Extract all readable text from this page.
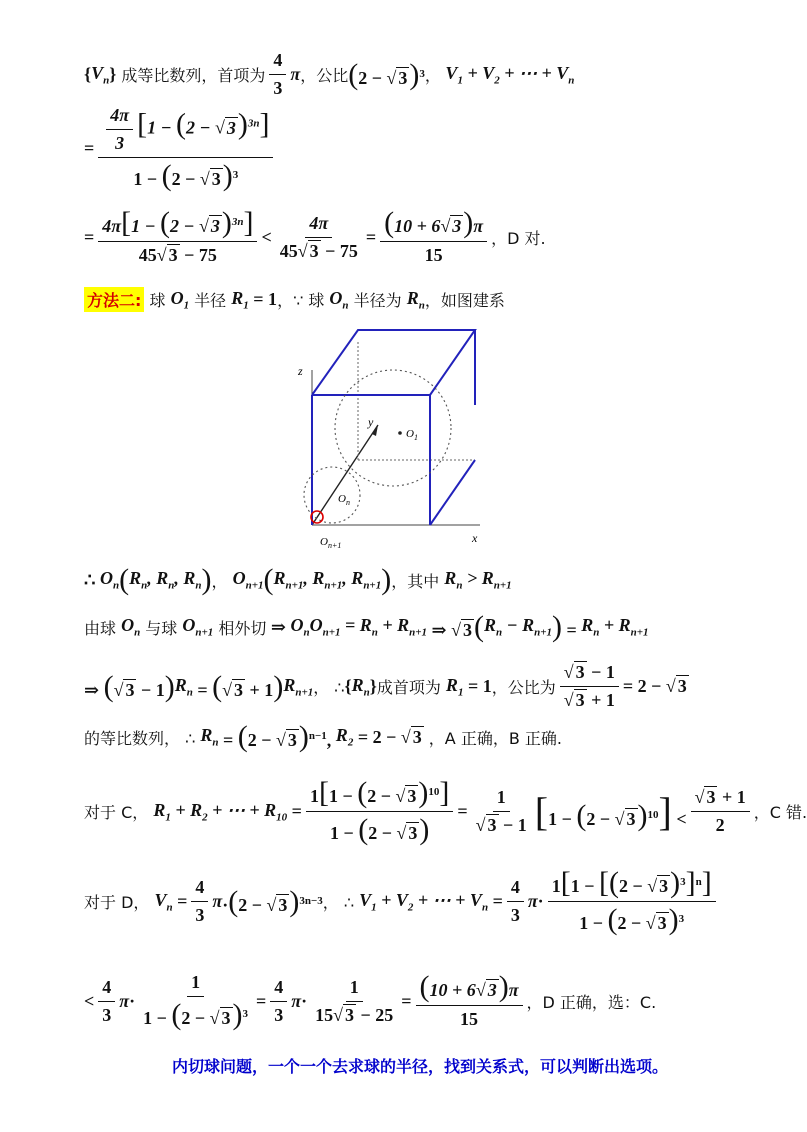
{ $V_n$ } 成等比数列，首项为 $\frac{4}{3}$ π ，公比 (2 − √ 3)$^3$ ， $V_1 + V_2$ + ⋯ + $V_n$
= $\frac{\frac{4\pi}{3} [1 - (2 - √ 3)^{3n}]}{1 - (2 - √ 3)^3}$
= $\frac{4\pi[1 - (2 - √ 3)^{3n}]}{45√ 3 - 75} < \frac{4\pi}{45√ 3 - 75} = \frac{(10 + 6√ 3)\pi}{15}$ ，D 对.
方法二: 球 $O_1$ 半径 $R_1 = 1$ ，∵ 球 $O_n$ 半径为 $R_n$ ，如图建系
z
y
x
$O_1$
$O_n$
$O_{n+1}$
∴ $O_n$ ( $R_n$, $R_n$, $R_n$ ) ， $O_{n+1}$ ( $R_{n+1}$, $R_{n+1}$, $R_{n+1}$ ) ，其中 $R_n > R_{n+1}$
由球 $O_n$ 与球 $O_{n+1}$ 相外切 ⇒ $O_nO_{n+1} = R_n + R_{n+1}$ ⇒ √ 3( $R_n - R_{n+1}$ ) = $R_n + R_{n+1}$
⇒ (√ 3 − 1) $R_n$ = (√ 3 + 1) $R_{n+1}$ ， ∴ { $R_n$ } 成首项为 $R_1 = 1$ ，公比为 $\frac{√ 3 - 1}{√ 3 + 1} = 2$ − √ 3
的等比数列， ∴ $R_n = (2$ − √ 3)$^{n-1}$, $R_2 = 2$ − √ 3 ，A 正确，B 正确.
对于 C， $R_1 + R_2$ + ⋯ + $R_{10} = \frac{1[1 - (2 - √ 3)^{10}]}{1 - (2 - √ 3)} = \frac{1}{√ 3 - 1} [1 - (2$ − √ $3)^{10}] < \frac{√ 3 + 1}{2}$ ，C 错.
对于 D， $V_n = \frac{4}{3}$ π ·(2 − √ 3)$^{3n-3}$ ， ∴ $V_1 + V_2$ + ⋯ + $V_n = \frac{4}{3}$ $\pi \cdot \frac{1[1 - [(2 - √ 3)^3]^n]}{1 - (2 - √ 3)^3}$
< $\frac{4}{3}$ $\pi \cdot \frac{1}{1 - (2 - √ 3)^3} = \frac{4}{3}$ $\pi \cdot \frac{1}{15√ 3 - 25} = \frac{(10 + 6√ 3)\pi}{15}$ ，D 正确，选：C.
内切球问题，一个一个去求球的半径，找到关系式，可以判断出选项。
